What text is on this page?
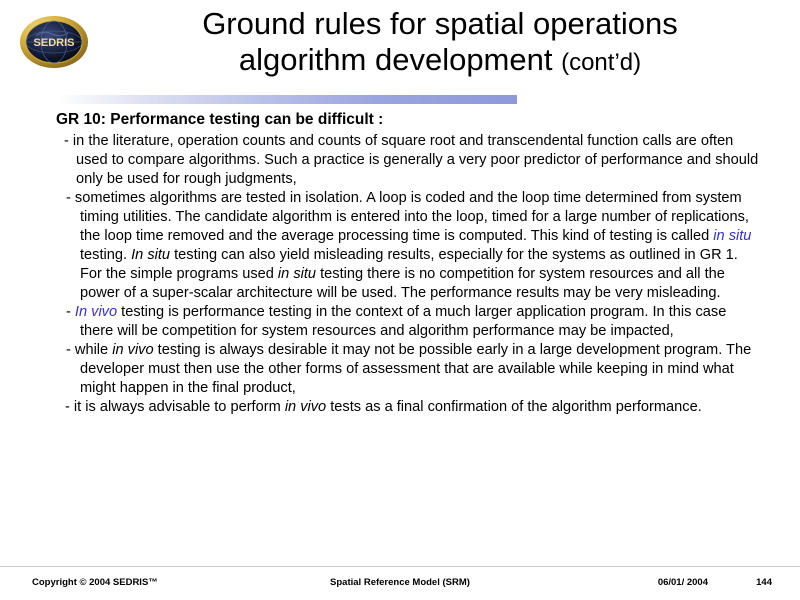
SEDRIS
Ground rules for spatial operations
algorithm development (cont’d)
GR 10: Performance testing can be difficult :
- in the literature, operation counts and counts of square root and transcendental function calls are often used to compare algorithms. Such a practice is generally a very poor predictor of performance and should only be used for rough judgments,
- sometimes algorithms are tested in isolation. A loop is coded and the loop time determined from system timing utilities. The candidate algorithm is entered into the loop, timed for a large number of replications, the loop time removed and the average processing time is computed. This kind of testing is called in situ testing. In situ testing can also yield misleading results, especially for the systems as outlined in GR 1. For the simple programs used in situ testing there is no competition for system resources and all the power of a super-scalar architecture will be used. The performance results may be very misleading.
- In vivo testing is performance testing in the context of a much larger application program. In this case there will be competition for system resources and algorithm performance may be impacted,
- while in vivo testing is always desirable it may not be possible early in a large development program. The developer must then use the other forms of assessment that are available while keeping in mind what might happen in the final product,
- it is always advisable to perform in vivo tests as a final confirmation of the algorithm performance.
Copyright © 2004 SEDRIS™	Spatial Reference Model (SRM)	06/01/ 2004	144
